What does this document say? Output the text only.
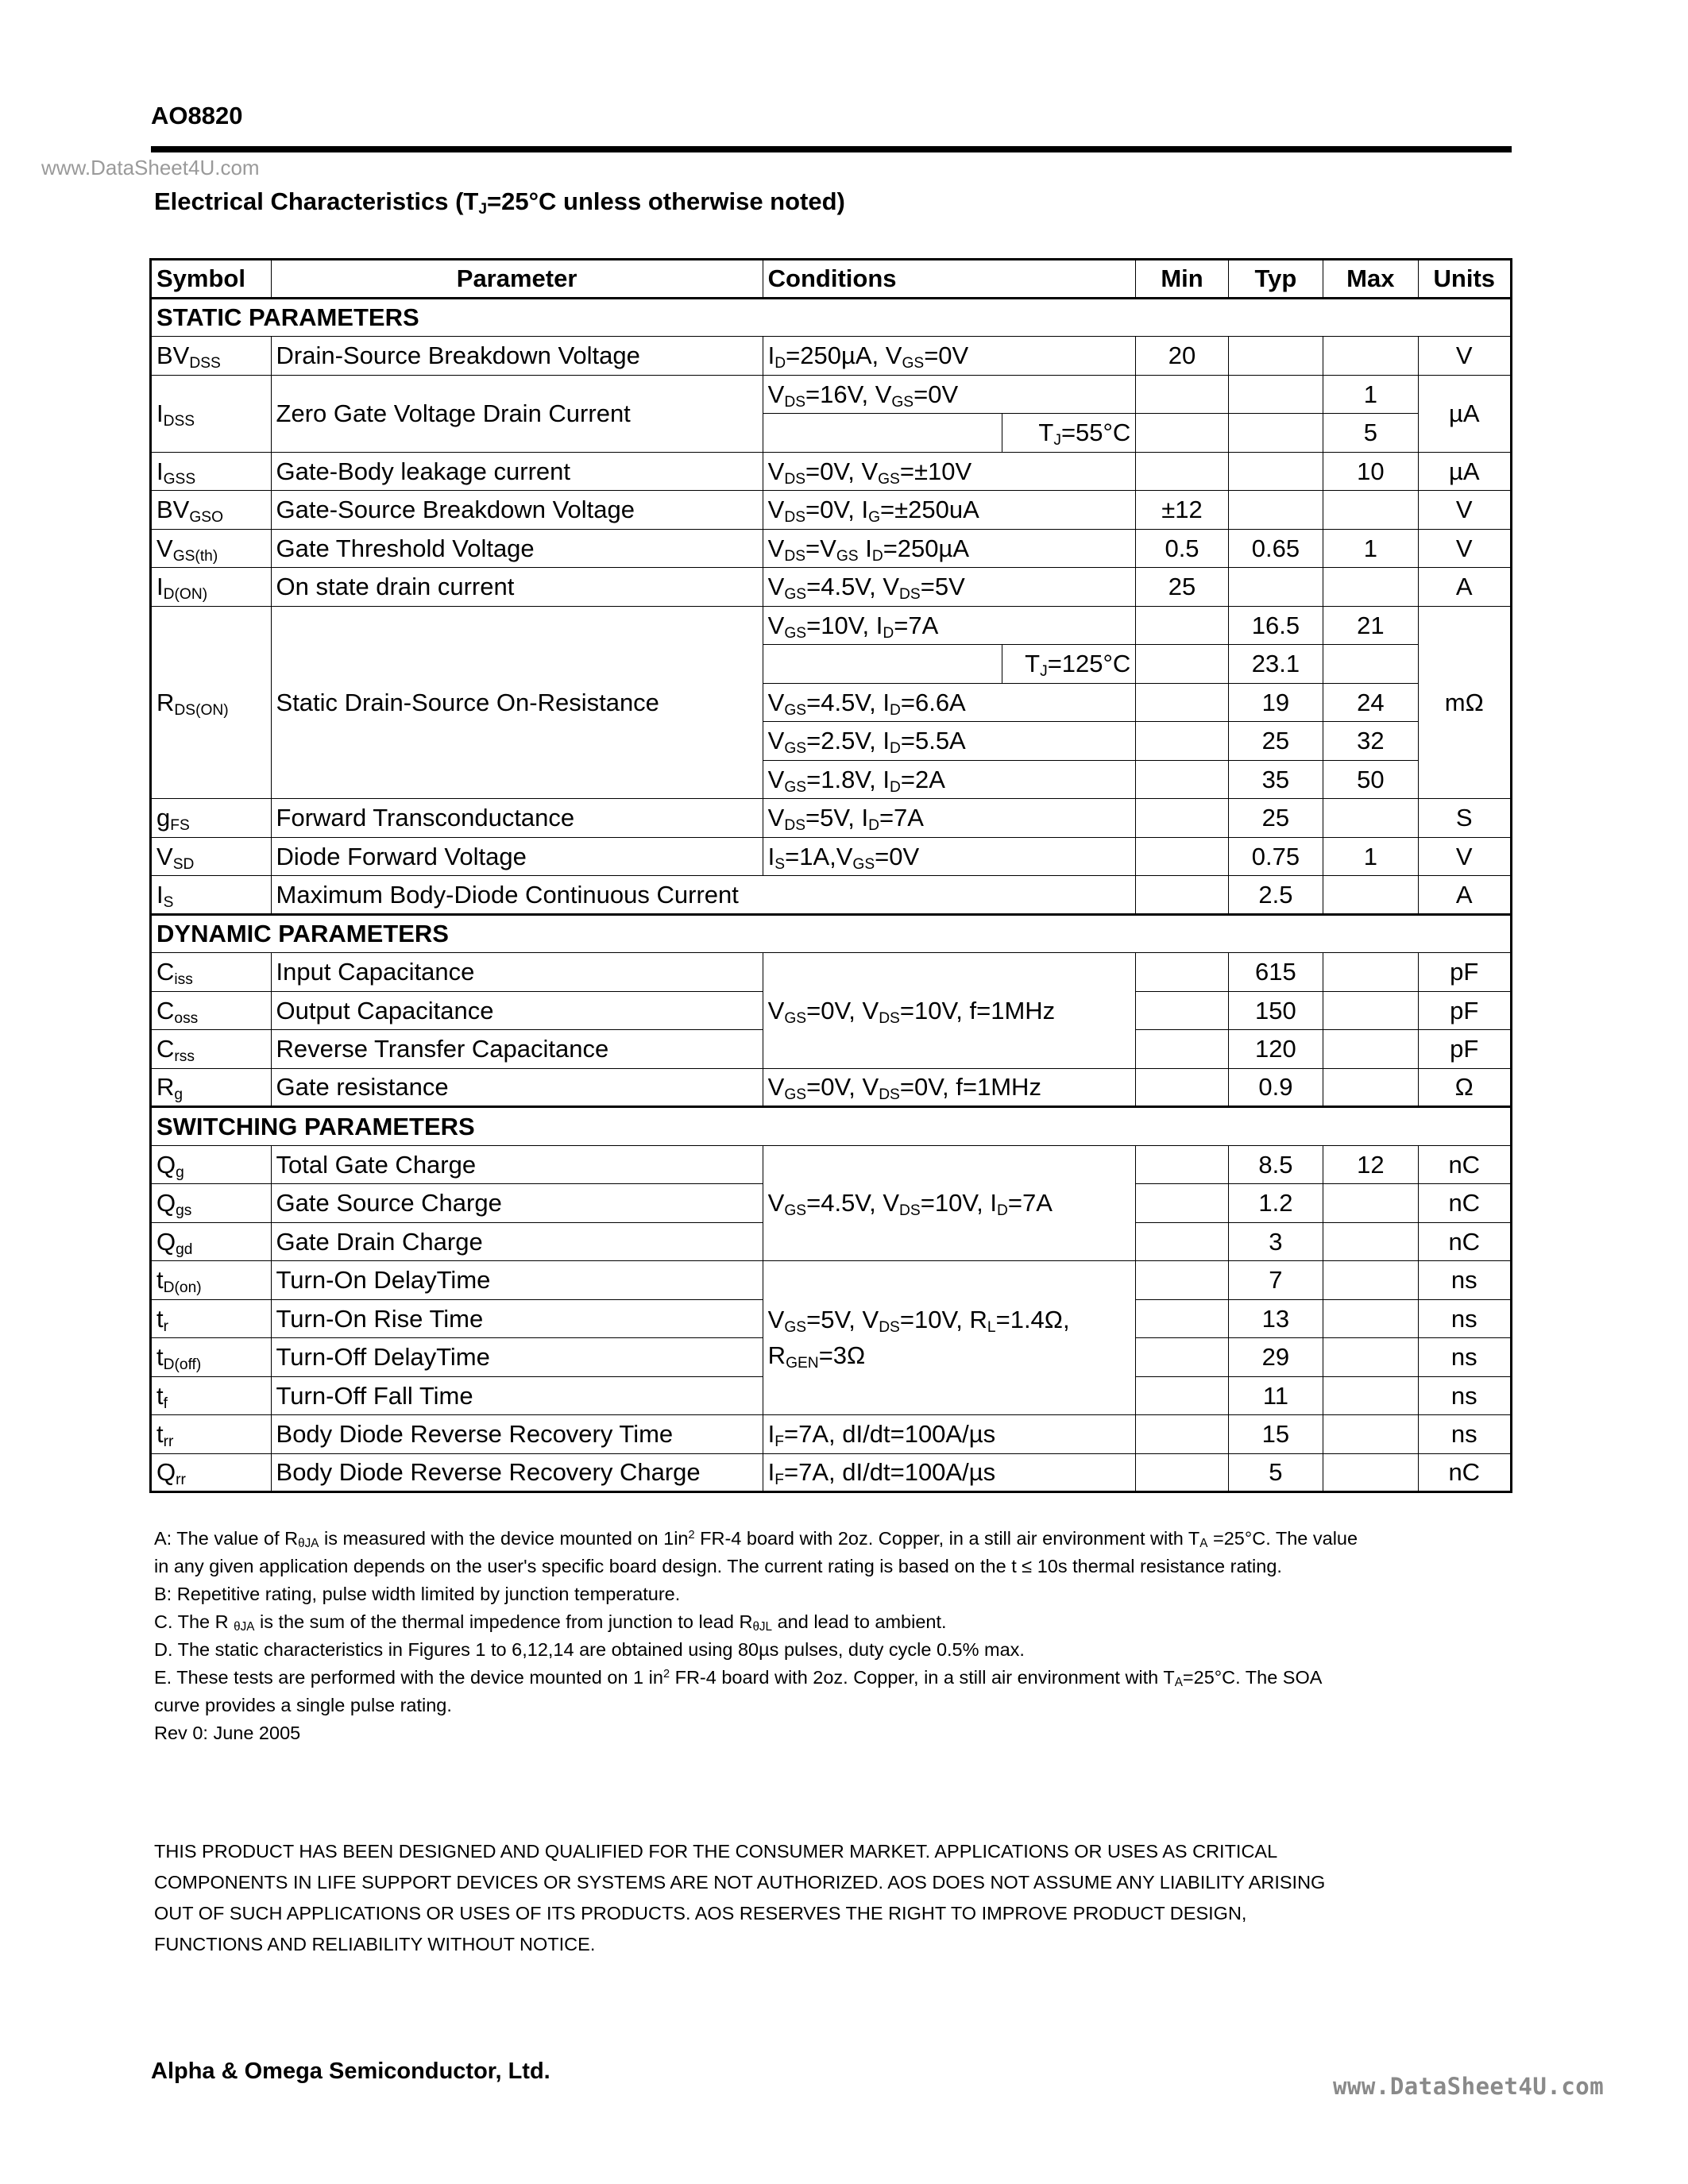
AO8820
www.DataSheet4U.com
Electrical Characteristics ($T_J=25^\circ C$ unless otherwise noted)
Symbol	Parameter	Conditions		Min	Typ	Max	Units
STATIC PARAMETERS							
$BV_{DSS}$	Drain-Source Breakdown Voltage	$I_D=250\mu A$, $V_{GS}=0V$		20			V
$I_{DSS}$	Zero Gate Voltage Drain Current	$V_{DS}=16V$, $V_{GS}=0V$				1	µA
			$T_J=55^\circ C$			5	
$I_{GSS}$	Gate-Body leakage current	$V_{DS}=0V$, $V_{GS}=\pm 10V$				10	µA
$BV_{GSO}$	Gate-Source Breakdown Voltage	$V_{DS}=0V$, $I_G=\pm 250uA$		±12			V
$V_{GS(th)}$	Gate Threshold Voltage	$V_{DS}=V_{GS}$ $I_D=250\mu A$		0.5	0.65	1	V
$I_{D(ON)}$	On state drain current	$V_{GS}=4.5V$, $V_{DS}=5V$		25			A
$R_{DS(ON)}$	Static Drain-Source On-Resistance	$V_{GS}=10V$, $I_D=7A$			16.5	21	mΩ
			$T_J=125^\circ C$		23.1		
		$V_{GS}=4.5V$, $I_D=6.6A$			19	24	
		$V_{GS}=2.5V$, $I_D=5.5A$			25	32	
		$V_{GS}=1.8V$, $I_D=2A$			35	50	
$g_{FS}$	Forward Transconductance	$V_{DS}=5V$, $I_D=7A$			25		S
$V_{SD}$	Diode Forward Voltage	$I_S=1A,V_{GS}=0V$			0.75	1	V
$I_S$	Maximum Body-Diode Continuous Current				2.5		A
DYNAMIC PARAMETERS							
$C_{iss}$	Input Capacitance	$V_{GS}=0V$, $V_{DS}=10V$, f=1MHz			615		pF
$C_{oss}$	Output Capacitance				150		pF
$C_{rss}$	Reverse Transfer Capacitance				120		pF
$R_g$	Gate resistance	$V_{GS}=0V$, $V_{DS}=0V$, f=1MHz			0.9		Ω
SWITCHING PARAMETERS							
$Q_g$	Total Gate Charge	$V_{GS}=4.5V$, $V_{DS}=10V$, $I_D=7A$			8.5	12	nC
$Q_{gs}$	Gate Source Charge				1.2		nC
$Q_{gd}$	Gate Drain Charge				3		nC
$t_{D(on)}$	Turn-On DelayTime	$V_{GS}=5V$, $V_{DS}=10V$, $R_L=1.4\Omega$,
$R_{GEN}=3\Omega$			7		ns
$t_r$	Turn-On Rise Time				13		ns
$t_{D(off)}$	Turn-Off DelayTime				29		ns
$t_f$	Turn-Off Fall Time				11		ns
$t_{rr}$	Body Diode Reverse Recovery Time	$I_F=7A$, dI/dt=100A/µs			15		ns
$Q_{rr}$	Body Diode Reverse Recovery Charge	$I_F=7A$, dI/dt=100A/µs			5		nC

A: The value of $R_{\theta JA}$ is measured with the device mounted on $1in^2$ FR-4 board with 2oz. Copper, in a still air environment with $T_A =25^\circ C$. The value

in any given application depends on the user's specific board design. The current rating is based on the t ≤ 10s thermal resistance rating.

B: Repetitive rating, pulse width limited by junction temperature.

C. The R $_{\theta JA}$ is the sum of the thermal impedence from junction to lead $R_{\theta JL}$ and lead to ambient.

D. The static characteristics in Figures 1 to 6,12,14 are obtained using 80µs pulses, duty cycle 0.5% max.

E. These tests are performed with the device mounted on 1 $in^2$ FR-4 board with 2oz. Copper, in a still air environment with $T_A=25^\circ C$. The SOA

curve provides a single pulse rating.

Rev 0: June 2005

THIS PRODUCT HAS BEEN DESIGNED AND QUALIFIED FOR THE CONSUMER MARKET. APPLICATIONS OR USES AS CRITICAL
COMPONENTS IN LIFE SUPPORT DEVICES OR SYSTEMS ARE NOT AUTHORIZED. AOS DOES NOT ASSUME ANY LIABILITY ARISING
OUT OF SUCH APPLICATIONS OR USES OF ITS PRODUCTS. AOS RESERVES THE RIGHT TO IMPROVE PRODUCT DESIGN,
FUNCTIONS AND RELIABILITY WITHOUT NOTICE.
Alpha & Omega Semiconductor, Ltd.
www.DataSheet4U.com
